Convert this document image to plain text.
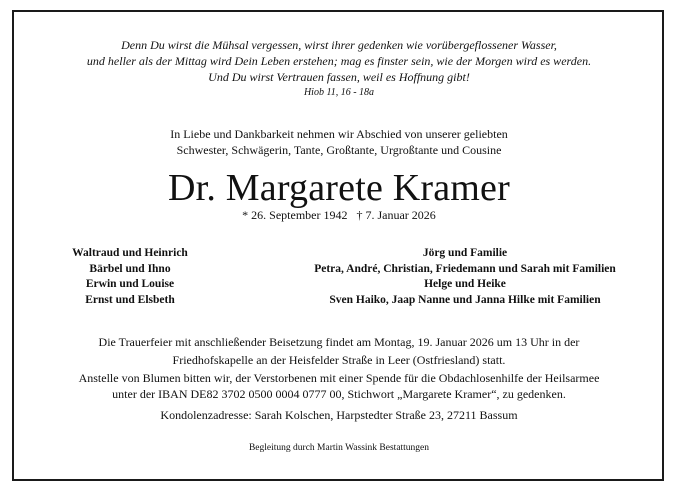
Denn Du wirst die Mühsal vergessen, wirst ihrer gedenken wie vorübergeflossener Wasser,
und heller als der Mittag wird Dein Leben erstehen; mag es finster sein, wie der Morgen wird es werden.
Und Du wirst Vertrauen fassen, weil es Hoffnung gibt!
Hiob 11, 16 - 18a
In Liebe und Dankbarkeit nehmen wir Abschied von unserer geliebten
Schwester, Schwägerin, Tante, Großtante, Urgroßtante und Cousine
Dr. Margarete Kramer
* 26. September 1942   † 7. Januar 2026
Waltraud und Heinrich
Bärbel und Ihno
Erwin und Louise
Ernst und Elsbeth
Jörg und Familie
Petra, André, Christian, Friedemann und Sarah mit Familien
Helge und Heike
Sven Haiko, Jaap Nanne und Janna Hilke mit Familien
Die Trauerfeier mit anschließender Beisetzung findet am Montag, 19. Januar 2026 um 13 Uhr in der
Friedhofskapelle an der Heisfelder Straße in Leer (Ostfriesland) statt.
Anstelle von Blumen bitten wir, der Verstorbenen mit einer Spende für die Obdachlosenhilfe der Heilsarmee
unter der IBAN DE82 3702 0500 0004 0777 00, Stichwort „Margarete Kramer“, zu gedenken.
Kondolenzadresse: Sarah Kolschen, Harpstedter Straße 23, 27211 Bassum
Begleitung durch Martin Wassink Bestattungen
